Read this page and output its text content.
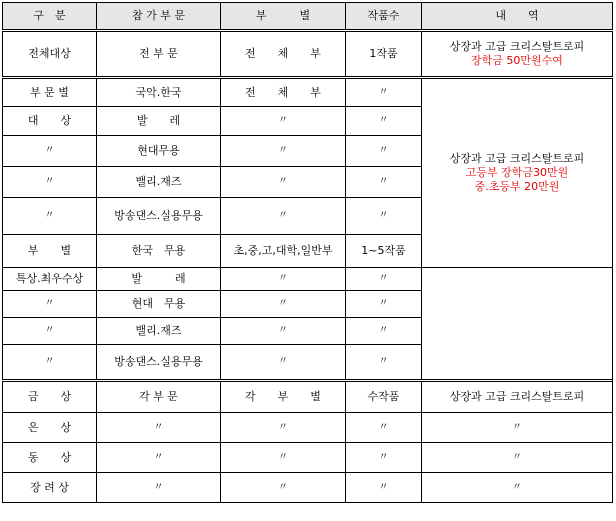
구　분	참 가 부 문	부　　　별	작품수	내　　역	
전체대상	전 부 문	전　　체　　부	1작품	상장과 고급 크리스탈트로피
장학금 50만원수여	

부 문 별	국악.한국	전　　체　　부	〃	상장과 고급 크리스탈트로피
고등부 장학금30만원
중.초등부 20만원	

대　　상	발　　레	〃	〃		
〃	현대무용	〃	〃		
〃	밸리.재즈	〃	〃		
〃	방송댄스.실용무용	〃	〃		
부　　별	한국　무용	초,중,고,대학,일반부	1~5작품	

특상.최우수상	발　　　레	〃	〃		
〃	현대　무용	〃	〃		
〃	밸리.재즈	〃	〃		
〃	방송댄스.실용무용	〃	〃		
금　　상	각 부 문	각　　부　　별	수작품	상장과 고급 크리스탈트로피	
은　　상	〃	〃	〃	〃	
동　　상	〃	〃	〃	〃	
장 려 상	〃	〃	〃	〃	
